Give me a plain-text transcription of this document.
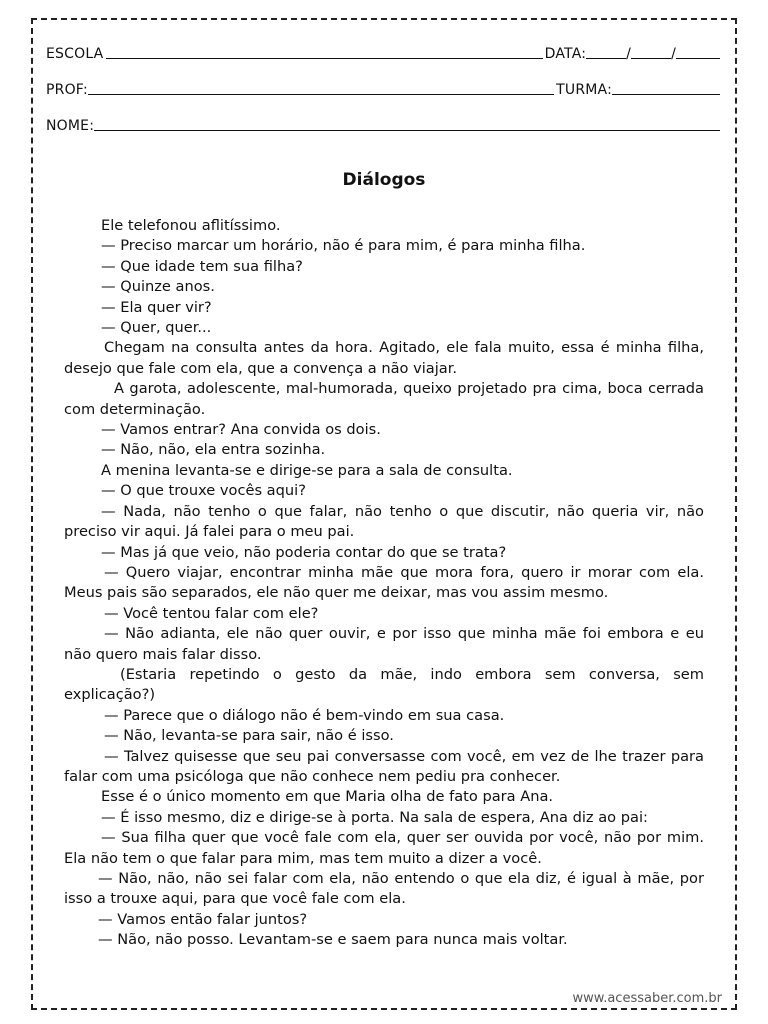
ESCOLA	DATA:	/	/
PROF:	TURMA:
NOME:
Diálogos

Ele telefonou aflitíssimo.

— Preciso marcar um horário, não é para mim, é para minha filha.

— Que idade tem sua filha?

— Quinze anos.

— Ela quer vir?

— Quer, quer...

Chegam na consulta antes da hora. Agitado, ele fala muito, essa é minha filha, desejo que fale com ela, que a convença a não viajar.

A garota, adolescente, mal-humorada, queixo projetado pra cima, boca cerrada com determinação.

— Vamos entrar? Ana convida os dois.

— Não, não, ela entra sozinha.

A menina levanta-se e dirige-se para a sala de consulta.

— O que trouxe vocês aqui?

— Nada, não tenho o que falar, não tenho o que discutir, não queria vir, não preciso vir aqui. Já falei para o meu pai.

— Mas já que veio, não poderia contar do que se trata?

— Quero viajar, encontrar minha mãe que mora fora, quero ir morar com ela. Meus pais são separados, ele não quer me deixar, mas vou assim mesmo.

— Você tentou falar com ele?

— Não adianta, ele não quer ouvir, e por isso que minha mãe foi embora e eu não quero mais falar disso.

(Estaria repetindo o gesto da mãe, indo embora sem conversa, sem explicação?)

— Parece que o diálogo não é bem-vindo em sua casa.

— Não, levanta-se para sair, não é isso.

— Talvez quisesse que seu pai conversasse com você, em vez de lhe trazer para falar com uma psicóloga que não conhece nem pediu pra conhecer.

Esse é o único momento em que Maria olha de fato para Ana.

— É isso mesmo, diz e dirige-se à porta. Na sala de espera, Ana diz ao pai:

— Sua filha quer que você fale com ela, quer ser ouvida por você, não por mim. Ela não tem o que falar para mim, mas tem muito a dizer a você.

— Não, não, não sei falar com ela, não entendo o que ela diz, é igual à mãe, por isso a trouxe aqui, para que você fale com ela.

— Vamos então falar juntos?

— Não, não posso. Levantam-se e saem para nunca mais voltar.

www.acessaber.com.br
